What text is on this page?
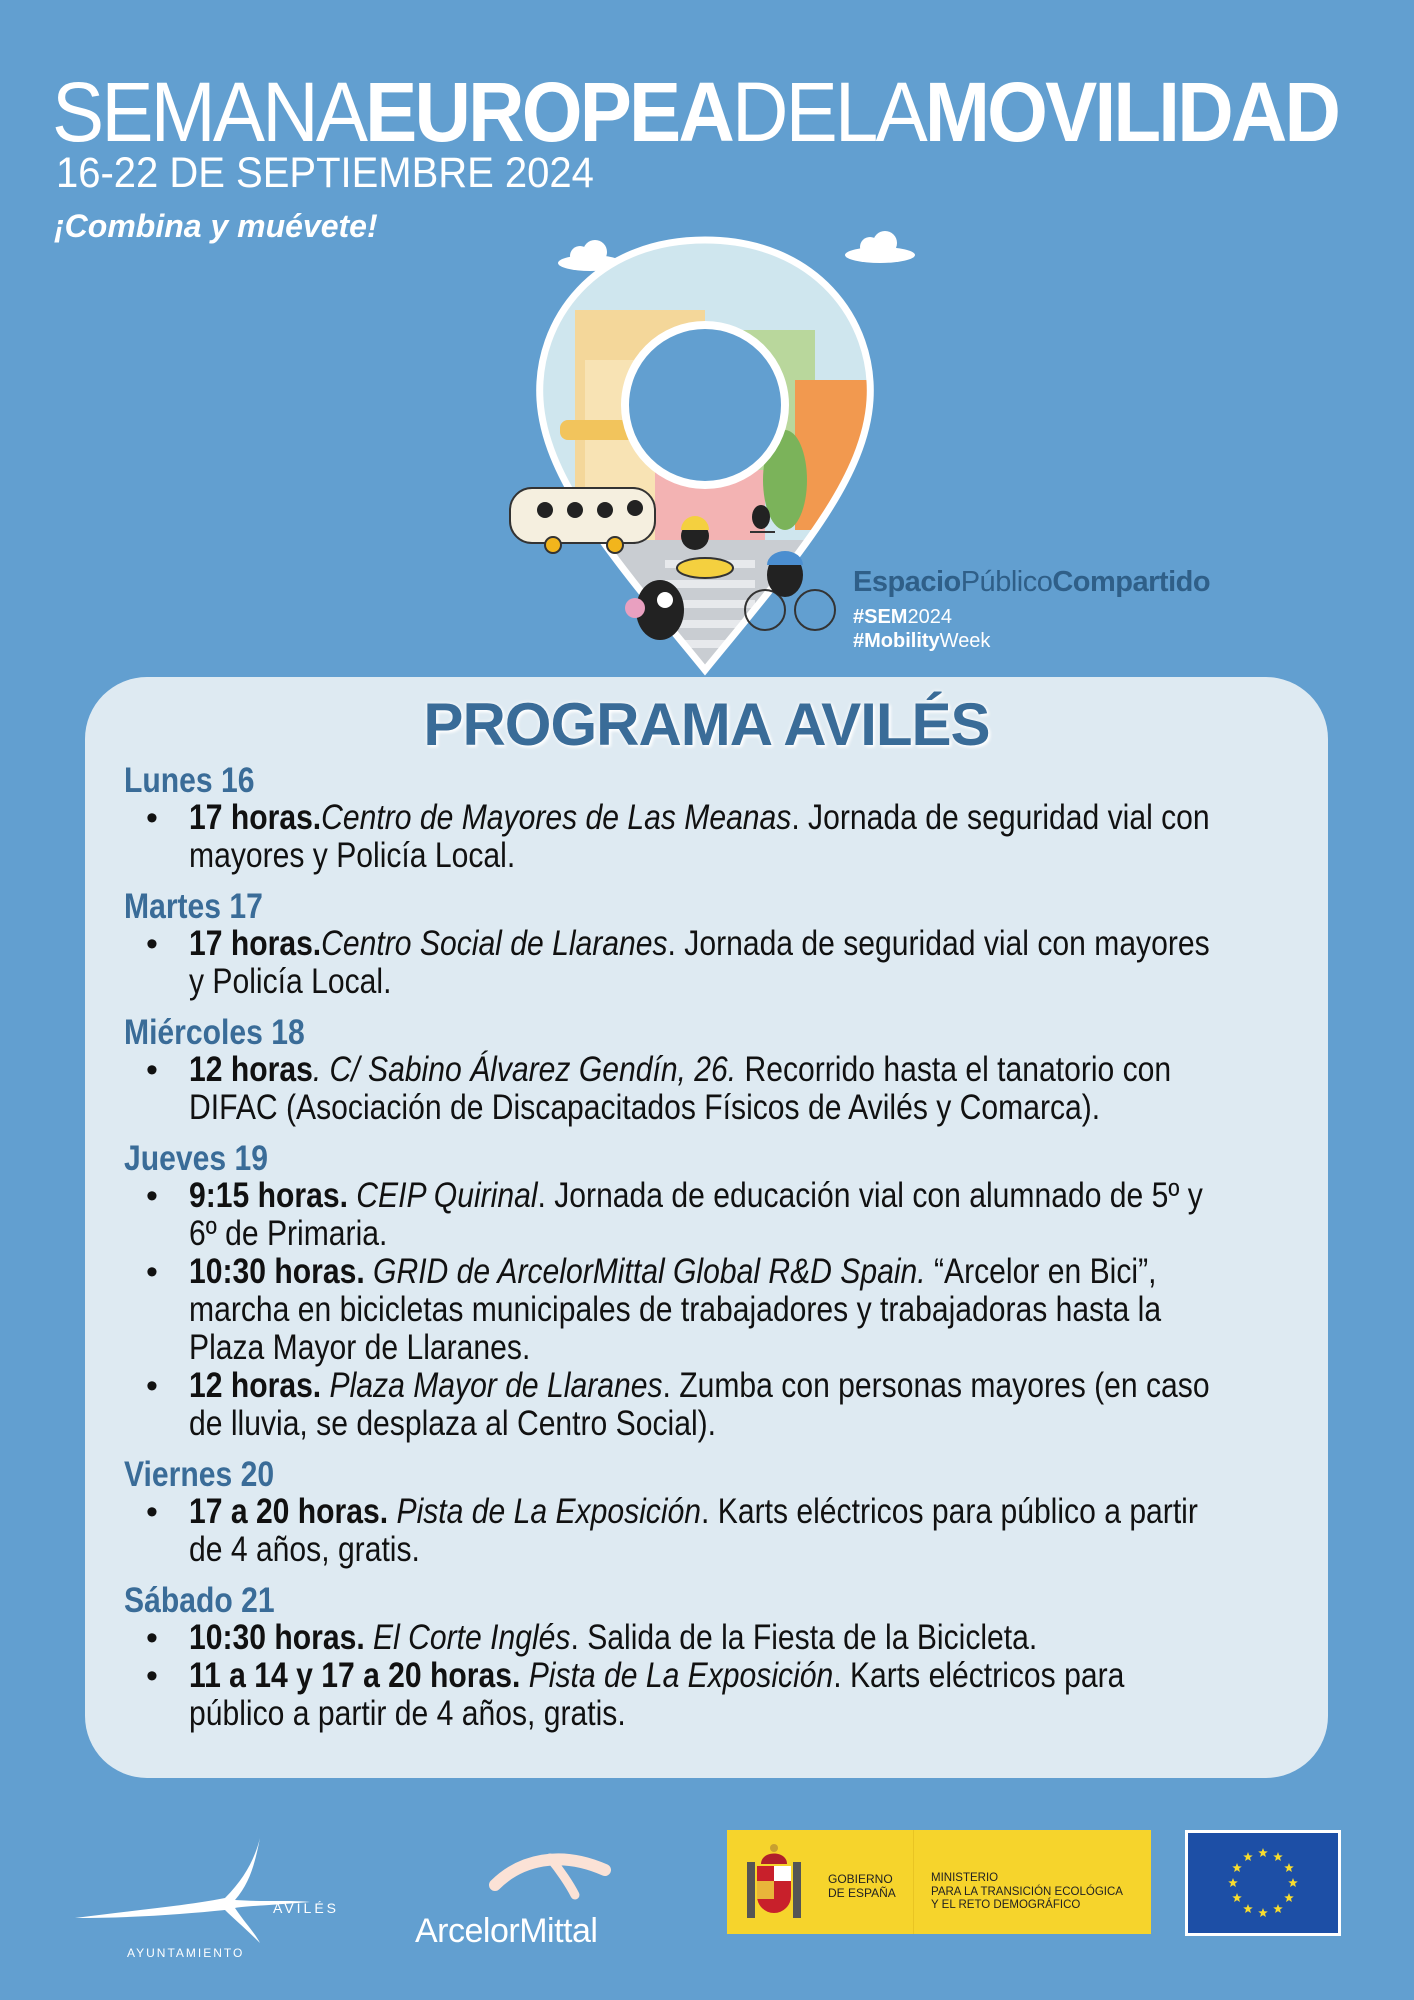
SEMANAEUROPEADELAMOVILIDAD
16-22 DE SEPTIEMBRE 2024
¡Combina y muévete!
EspacioPúblicoCompartido
#SEM2024
#MobilityWeek
PROGRAMA AVILÉS
Lunes 16
• 17 horas.Centro de Mayores de Las Meanas. Jornada de seguridad vial con mayores y Policía Local.
Martes 17
• 17 horas.Centro Social de Llaranes. Jornada de seguridad vial con mayores y Policía Local.
Miércoles 18
• 12 horas. C/ Sabino Álvarez Gendín, 26. Recorrido hasta el tanatorio con DIFAC (Asociación de Discapacitados Físicos de Avilés y Comarca).
Jueves 19
• 9:15 horas. CEIP Quirinal. Jornada de educación vial con alumnado de 5º y 6º de Primaria.
• 10:30 horas. GRID de ArcelorMittal Global R&D Spain. “Arcelor en Bici”, marcha en bicicletas municipales de trabajadores y trabajadoras hasta la Plaza Mayor de Llaranes.
• 12 horas. Plaza Mayor de Llaranes. Zumba con personas mayores (en caso de lluvia, se desplaza al Centro Social).
Viernes 20
• 17 a 20 horas. Pista de La Exposición. Karts eléctricos para público a partir de 4 años, gratis.
Sábado 21
• 10:30 horas. El Corte Inglés. Salida de la Fiesta de la Bicicleta.
• 11 a 14 y 17 a 20 horas. Pista de La Exposición. Karts eléctricos para público a partir de 4 años, gratis.
AVILÉS
AYUNTAMIENTO
ArcelorMittal
GOBIERNO
DE ESPAÑA
MINISTERIO
PARA LA TRANSICIÓN ECOLÓGICA
Y EL RETO DEMOGRÁFICO
